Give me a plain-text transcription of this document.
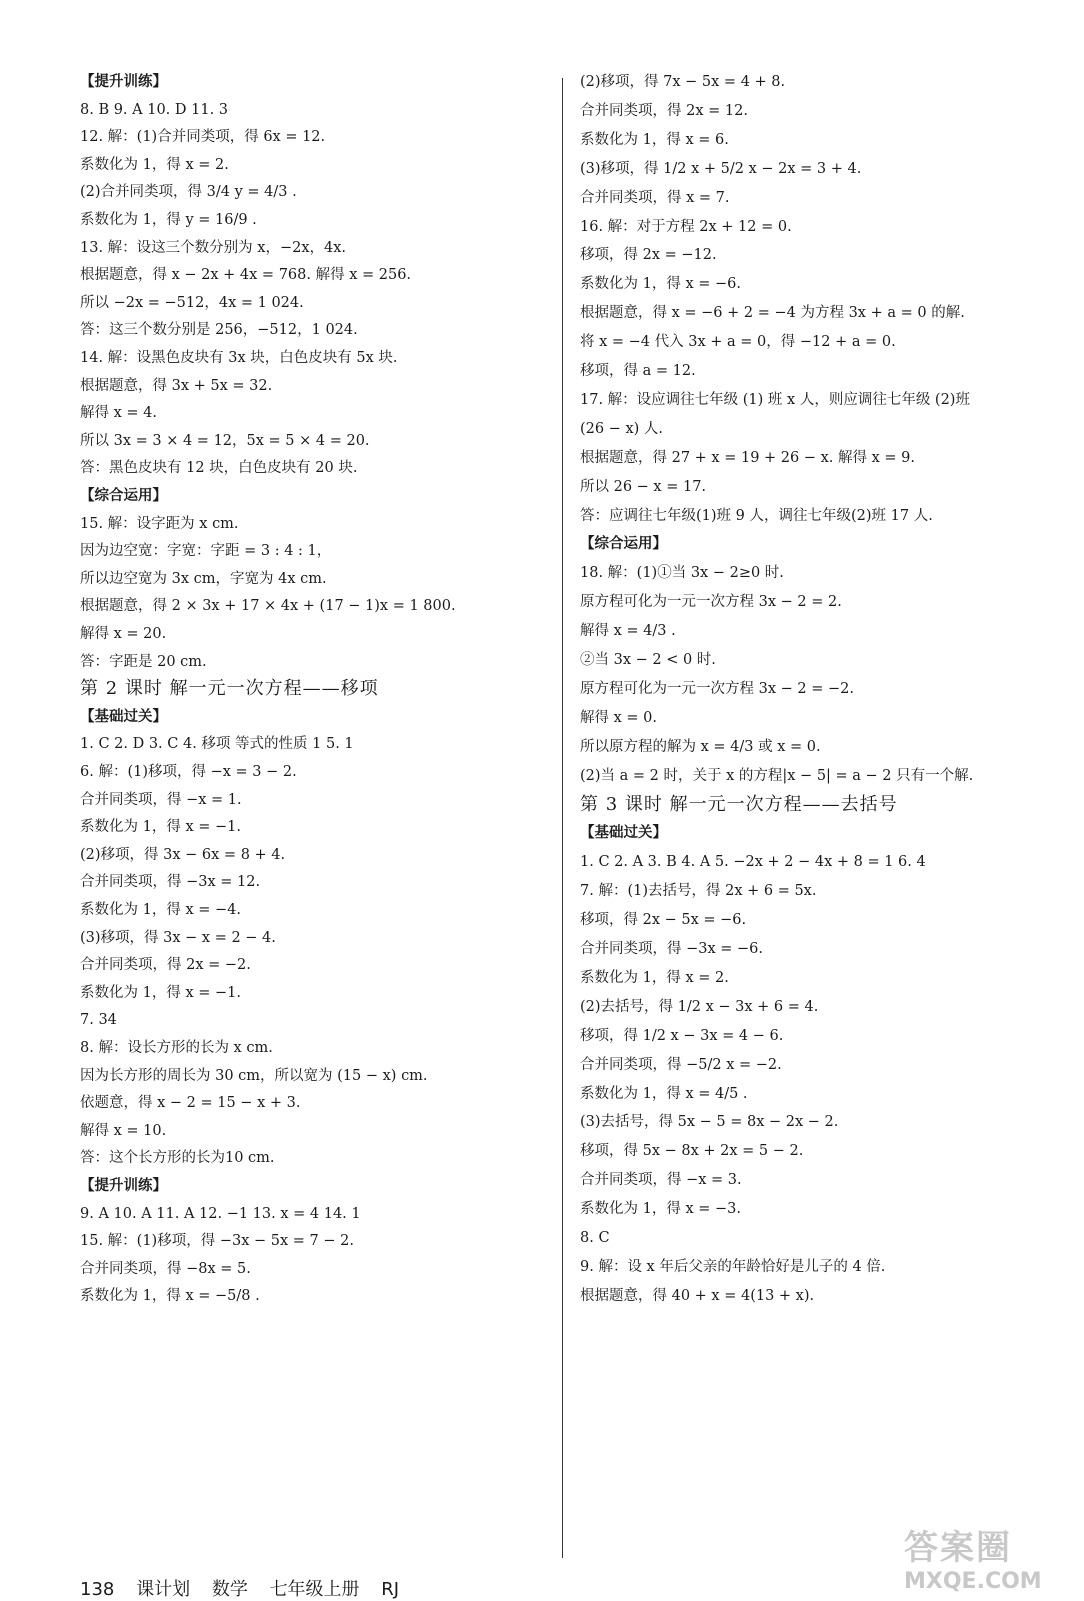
【提升训练】
8. B 9. A 10. D 11. 3
12. 解：(1)合并同类项，得 6x = 12.
系数化为 1，得 x = 2.
(2)合并同类项，得 3/4 y = 4/3 .
系数化为 1，得 y = 16/9 .
13. 解：设这三个数分别为 x，−2x，4x.
根据题意，得 x − 2x + 4x = 768. 解得 x = 256.
所以 −2x = −512，4x = 1 024.
答：这三个数分别是 256，−512，1 024.
14. 解：设黑色皮块有 3x 块，白色皮块有 5x 块.
根据题意，得 3x + 5x = 32.
解得 x = 4.
所以 3x = 3 × 4 = 12，5x = 5 × 4 = 20.
答：黑色皮块有 12 块，白色皮块有 20 块.
【综合运用】
15. 解：设字距为 x cm.
因为边空宽：字宽：字距 = 3 : 4 : 1，
所以边空宽为 3x cm，字宽为 4x cm.
根据题意，得 2 × 3x + 17 × 4x + (17 − 1)x = 1 800.
解得 x = 20.
答：字距是 20 cm.
第 2 课时 解一元一次方程——移项
【基础过关】
1. C 2. D 3. C 4. 移项 等式的性质 1 5. 1
6. 解：(1)移项，得 −x = 3 − 2.
合并同类项，得 −x = 1.
系数化为 1，得 x = −1.
(2)移项，得 3x − 6x = 8 + 4.
合并同类项，得 −3x = 12.
系数化为 1，得 x = −4.
(3)移项，得 3x − x = 2 − 4.
合并同类项，得 2x = −2.
系数化为 1，得 x = −1.
7. 34
8. 解：设长方形的长为 x cm.
因为长方形的周长为 30 cm，所以宽为 (15 − x) cm.
依题意，得 x − 2 = 15 − x + 3.
解得 x = 10.
答：这个长方形的长为10 cm.
【提升训练】
9. A 10. A 11. A 12. −1 13. x = 4 14. 1
15. 解：(1)移项，得 −3x − 5x = 7 − 2.
合并同类项，得 −8x = 5.
系数化为 1，得 x = −5/8 .
(2)移项，得 7x − 5x = 4 + 8.
合并同类项，得 2x = 12.
系数化为 1，得 x = 6.
(3)移项，得 1/2 x + 5/2 x − 2x = 3 + 4.
合并同类项，得 x = 7.
16. 解：对于方程 2x + 12 = 0.
移项，得 2x = −12.
系数化为 1，得 x = −6.
根据题意，得 x = −6 + 2 = −4 为方程 3x + a = 0 的解.
将 x = −4 代入 3x + a = 0，得 −12 + a = 0.
移项，得 a = 12.
17. 解：设应调往七年级 (1) 班 x 人，则应调往七年级 (2)班
(26 − x) 人.
根据题意，得 27 + x = 19 + 26 − x. 解得 x = 9.
所以 26 − x = 17.
答：应调往七年级(1)班 9 人，调往七年级(2)班 17 人.
【综合运用】
18. 解：(1)①当 3x − 2≥0 时.
原方程可化为一元一次方程 3x − 2 = 2.
解得 x = 4/3 .
②当 3x − 2 < 0 时.
原方程可化为一元一次方程 3x − 2 = −2.
解得 x = 0.
所以原方程的解为 x = 4/3 或 x = 0.
(2)当 a = 2 时，关于 x 的方程|x − 5| = a − 2 只有一个解.
第 3 课时 解一元一次方程——去括号
【基础过关】
1. C 2. A 3. B 4. A 5. −2x + 2 − 4x + 8 = 1 6. 4
7. 解：(1)去括号，得 2x + 6 = 5x.
移项，得 2x − 5x = −6.
合并同类项，得 −3x = −6.
系数化为 1，得 x = 2.
(2)去括号，得 1/2 x − 3x + 6 = 4.
移项，得 1/2 x − 3x = 4 − 6.
合并同类项，得 −5/2 x = −2.
系数化为 1，得 x = 4/5 .
(3)去括号，得 5x − 5 = 8x − 2x − 2.
移项，得 5x − 8x + 2x = 5 − 2.
合并同类项，得 −x = 3.
系数化为 1，得 x = −3.
8. C
9. 解：设 x 年后父亲的年龄恰好是儿子的 4 倍.
根据题意，得 40 + x = 4(13 + x).
138 课计划 数学 七年级上册 RJ
答案圈
MXQE.COM
